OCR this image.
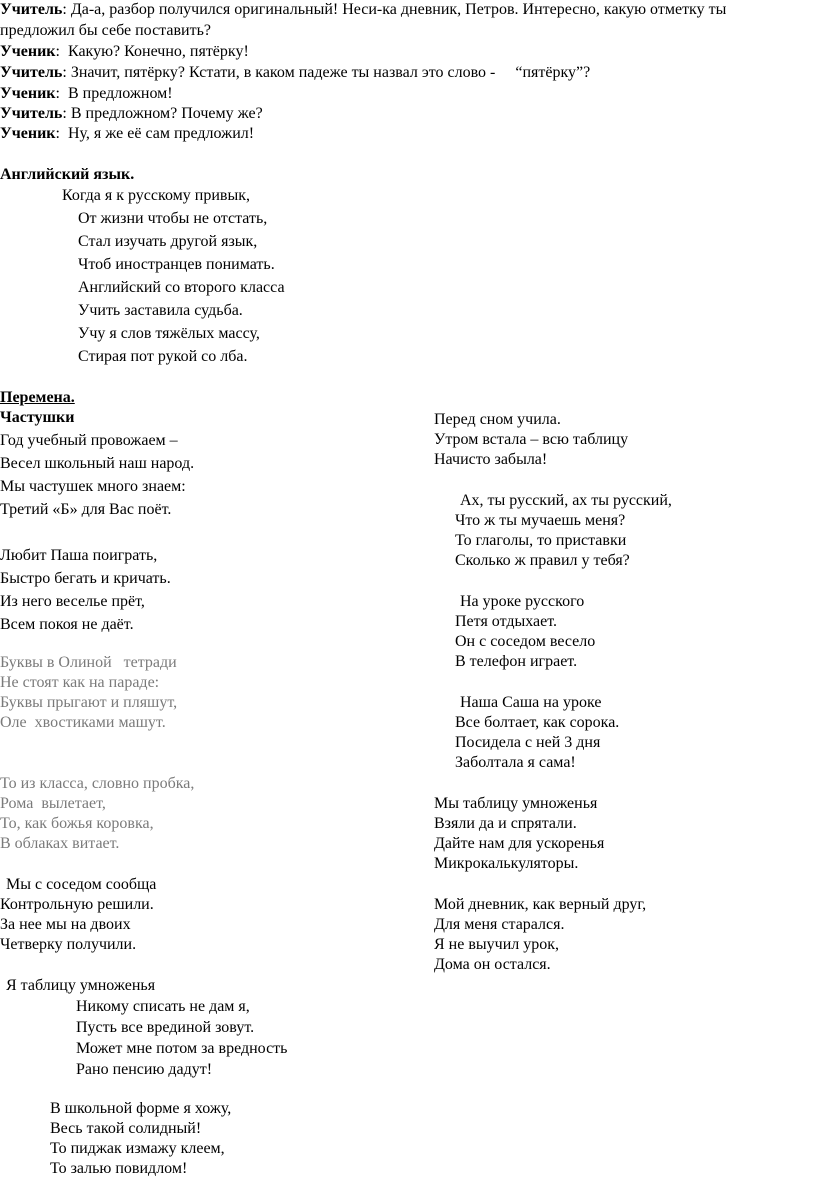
Учитель: Да-а, разбор получился оригинальный! Неси-ка дневник, Петров. Интересно, какую отметку ты
предложил бы себе поставить?
Ученик:  Какую? Конечно, пятёрку!
Учитель: Значит, пятёрку? Кстати, в каком падеже ты назвал это слово -     “пятёрку”?
Ученик:  В предложном!
Учитель: В предложном? Почему же?
Ученик:  Ну, я же её сам предложил!
Английский язык.
Когда я к русскому привык,
От жизни чтобы не отстать,
Стал изучать другой язык,
Чтоб иностранцев понимать.
Английский со второго класса
Учить заставила судьба.
Учу я слов тяжёлых массу,
Стирая пот рукой со лба.
Перемена.
Частушки
Год учебный провожаем –
Весел школьный наш народ.
Мы частушек много знаем:
Третий «Б» для Вас поёт.
Любит Паша поиграть,
Быстро бегать и кричать.
Из него веселье прёт,
Всем покоя не даёт.
Буквы в Олиной   тетради
Не стоят как на параде:
Буквы прыгают и пляшут,
Оле  хвостиками машут.
То из класса, словно пробка,
Рома  вылетает,
То, как божья коровка,
В облаках витает.
Мы с соседом сообща
Контрольную решили.
За нее мы на двоих
Четверку получили.
Я таблицу умноженья
Никому списать не дам я,
Пусть все врединой зовут.
Может мне потом за вредность
Рано пенсию дадут!
В школьной форме я хожу,
Весь такой солидный!
То пиджак измажу клеем,
То залью повидлом!
Перед сном учила.
Утром встала – всю таблицу
Начисто забыла!
Ах, ты русский, ах ты русский,
Что ж ты мучаешь меня?
То глаголы, то приставки
Сколько ж правил у тебя?
На уроке русского
Петя отдыхает.
Он с соседом весело
В телефон играет.
Наша Саша на уроке
Все болтает, как сорока.
Посидела с ней 3 дня
Заболтала я сама!
Мы таблицу умноженья
Взяли да и спрятали.
Дайте нам для ускоренья
Микрокалькуляторы.
Мой дневник, как верный друг,
Для меня старался.
Я не выучил урок,
Дома он остался.
